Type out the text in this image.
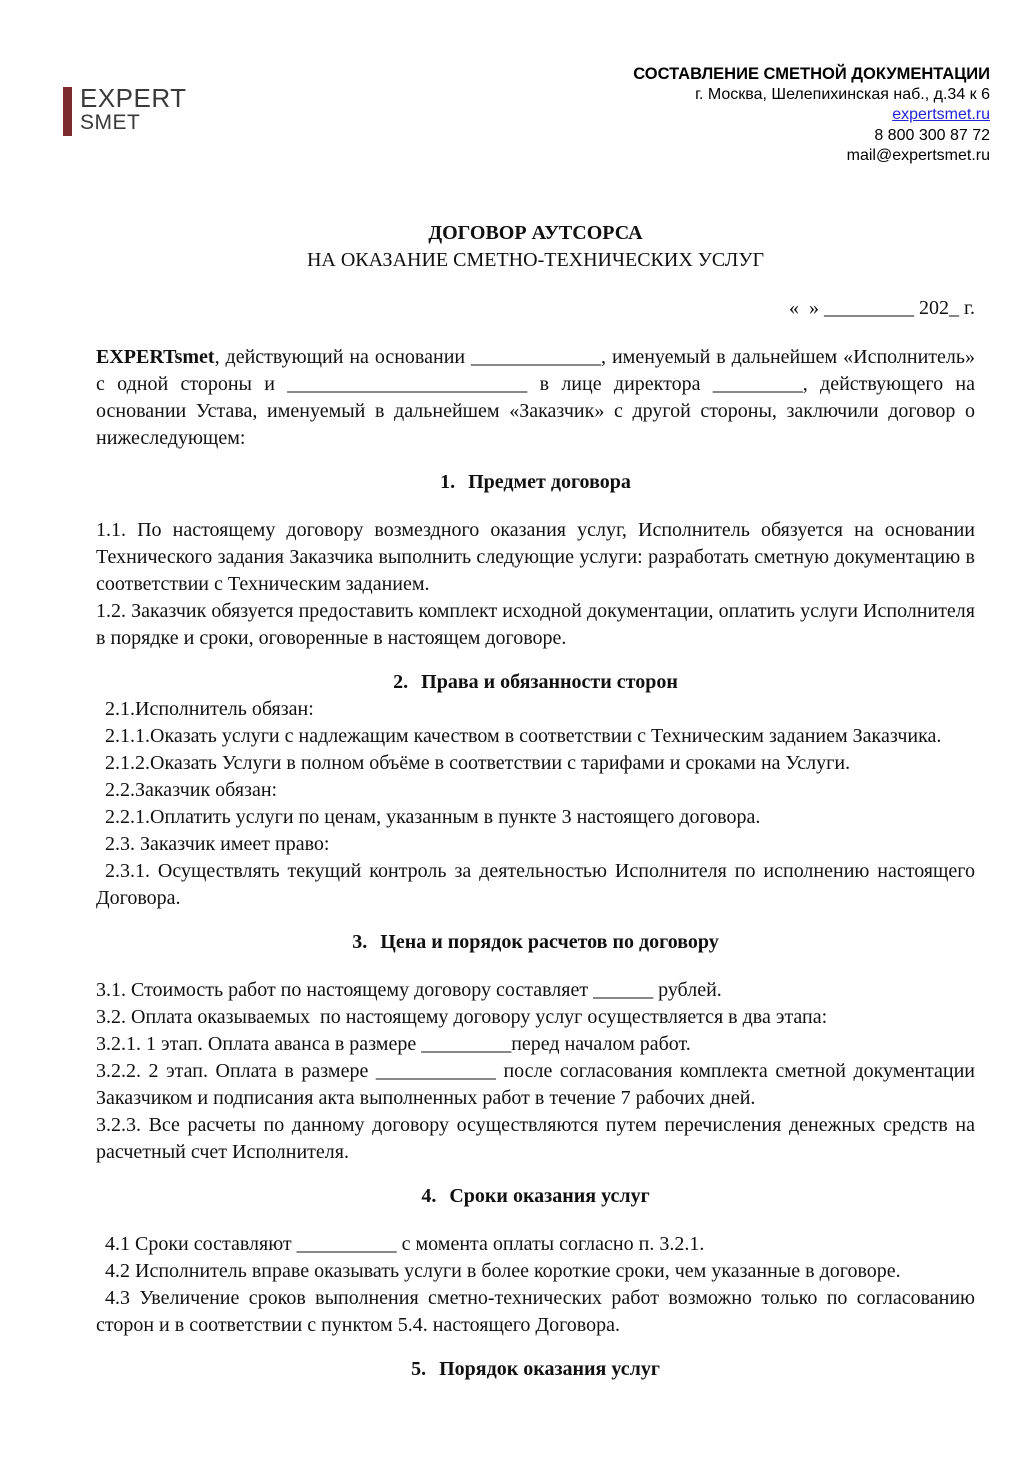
EXPERT
SMET
СОСТАВЛЕНИЕ СМЕТНОЙ ДОКУМЕНТАЦИИ
г. Москва, Шелепихинская наб., д.34 к 6
expertsmet.ru
8 800 300 87 72
mail@expertsmet.ru
ДОГОВОР АУТСОРСА
НА ОКАЗАНИЕ СМЕТНО-ТЕХНИЧЕСКИХ УСЛУГ
«  » _________ 202_ г.
EXPERTsmet, действующий на основании _____________, именуемый в дальнейшем «Исполнитель» с одной стороны и ________________________ в лице директора _________, действующего на основании Устава, именуемый в дальнейшем «Заказчик» с другой стороны, заключили договор о нижеследующем:
1. Предмет договора
1.1. По настоящему договору возмездного оказания услуг, Исполнитель обязуется на основании Технического задания Заказчика выполнить следующие услуги: разработать сметную документацию в соответствии с Техническим заданием.
1.2. Заказчик обязуется предоставить комплект исходной документации, оплатить услуги Исполнителя в порядке и сроки, оговоренные в настоящем договоре.
2. Права и обязанности сторон
2.1.Исполнитель обязан:
2.1.1.Оказать услуги с надлежащим качеством в соответствии с Техническим заданием Заказчика.
2.1.2.Оказать Услуги в полном объёме в соответствии с тарифами и сроками на Услуги.
2.2.Заказчик обязан:
2.2.1.Оплатить услуги по ценам, указанным в пункте 3 настоящего договора.
2.3. Заказчик имеет право:
2.3.1. Осуществлять текущий контроль за деятельностью Исполнителя по исполнению настоящего Договора.
3. Цена и порядок расчетов по договору
3.1. Стоимость работ по настоящему договору составляет ______ рублей.
3.2. Оплата оказываемых  по настоящему договору услуг осуществляется в два этапа:
3.2.1. 1 этап. Оплата аванса в размере _________перед началом работ.
3.2.2. 2 этап. Оплата в размере ____________ после согласования комплекта сметной документации Заказчиком и подписания акта выполненных работ в течение 7 рабочих дней.
3.2.3. Все расчеты по данному договору осуществляются путем перечисления денежных средств на расчетный счет Исполнителя.
4. Сроки оказания услуг
4.1 Сроки составляют __________ с момента оплаты согласно п. 3.2.1.
4.2 Исполнитель вправе оказывать услуги в более короткие сроки, чем указанные в договоре.
4.3 Увеличение сроков выполнения сметно-технических работ возможно только по согласованию сторон и в соответствии с пунктом 5.4. настоящего Договора.
5. Порядок оказания услуг
